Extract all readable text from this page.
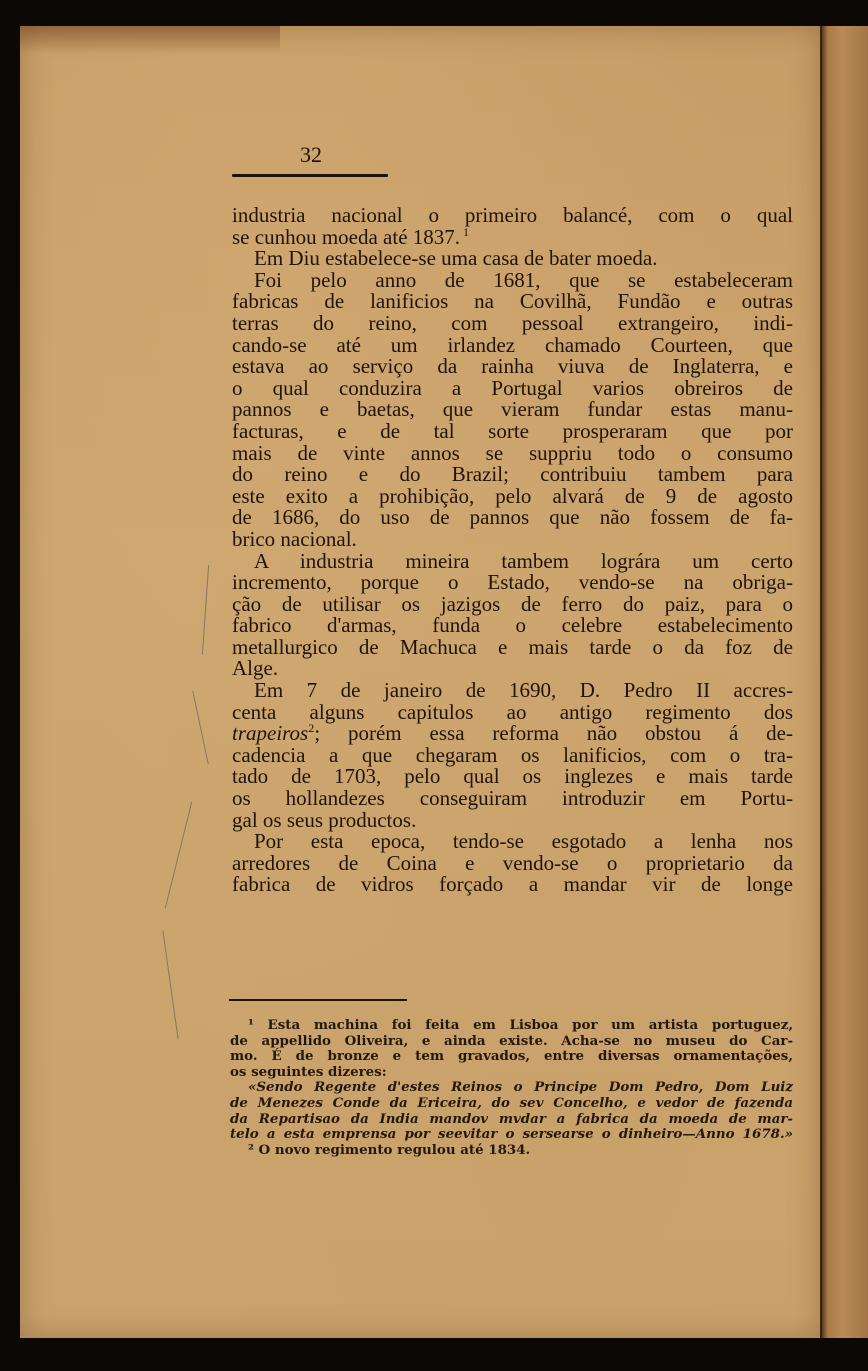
32
industria nacional o primeiro balancé, com o qual
se cunhou moeda até 1837. $^1$
Em Diu estabelece-se uma casa de bater moeda.
Foi pelo anno de 1681, que se estabeleceram
fabricas de lanificios na Covilhã, Fundão e outras
terras do reino, com pessoal extrangeiro, indi-
cando-se até um irlandez chamado Courteen, que
estava ao serviço da rainha viuva de Inglaterra, e
o qual conduzira a Portugal varios obreiros de
pannos e baetas, que vieram fundar estas manu-
facturas, e de tal sorte prosperaram que por
mais de vinte annos se suppriu todo o consumo
do reino e do Brazil; contribuiu tambem para
este exito a prohibição, pelo alvará de 9 de agosto
de 1686, do uso de pannos que não fossem de fa-
brico nacional.
A industria mineira tambem lográra um certo
incremento, porque o Estado, vendo-se na obriga-
ção de utilisar os jazigos de ferro do paiz, para o
fabrico d'armas, funda o celebre estabelecimento
metallurgico de Machuca e mais tarde o da foz de
Alge.
Em 7 de janeiro de 1690, D. Pedro II accres-
centa alguns capitulos ao antigo regimento dos
trapeiros$^2$; porém essa reforma não obstou á de-
cadencia a que chegaram os lanificios, com o tra-
tado de 1703, pelo qual os inglezes e mais tarde
os hollandezes conseguiram introduzir em Portu-
gal os seus productos.
Por esta epoca, tendo-se esgotado a lenha nos
arredores de Coina e vendo-se o proprietario da
fabrica de vidros forçado a mandar vir de longe
¹ Esta machina foi feita em Lisboa por um artista portuguez,
de appellido Oliveira, e ainda existe. Acha-se no museu do Car-
mo. É de bronze e tem gravados, entre diversas ornamentações,
os seguintes dizeres:
«Sendo Regente d'estes Reinos o Principe Dom Pedro, Dom Luiz
de Menezes Conde da Ericeira, do sev Concelho, e vedor de fazenda
da Repartisao da India mandov mvdar a fabrica da moeda de mar-
telo a esta emprensa por seevitar o sersearse o dinheiro—Anno 1678.»
² O novo regimento regulou até 1834.
